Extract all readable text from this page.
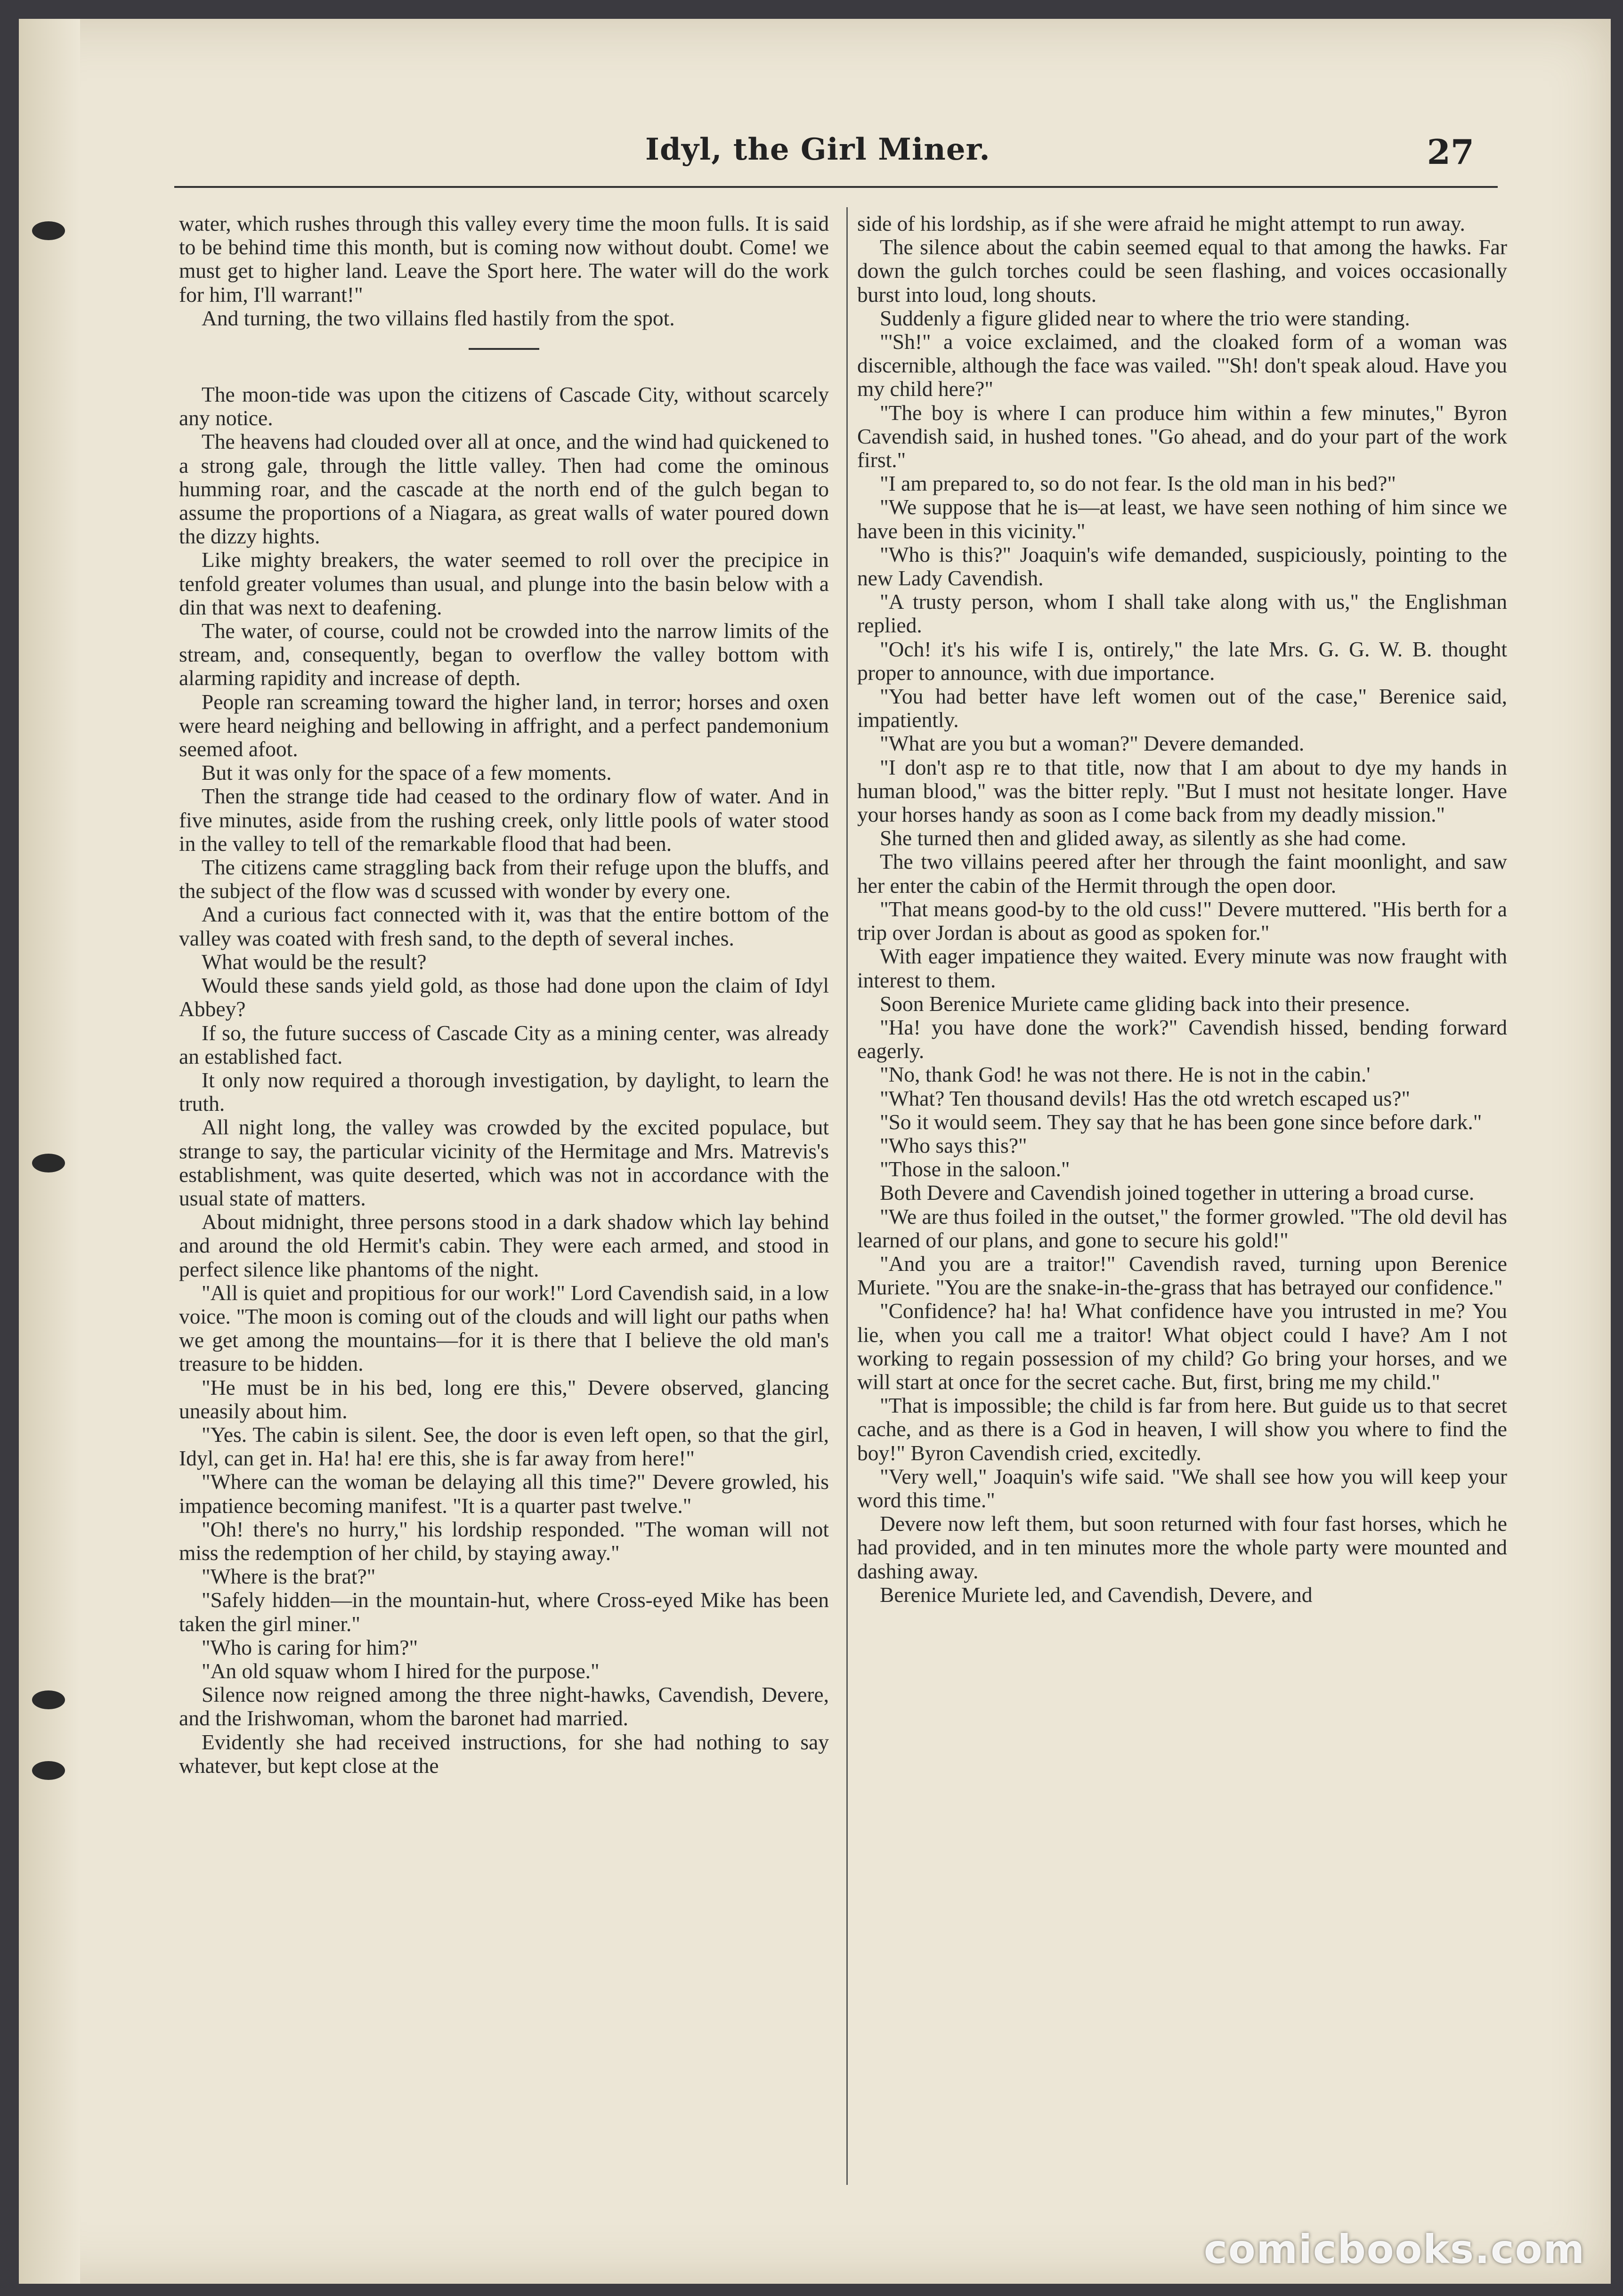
Idyl, the Girl Miner.	27

water, which rushes through this valley every time the moon fulls. It is said to be behind time this month, but is coming now without doubt. Come! we must get to higher land. Leave the Sport here. The water will do the work for him, I'll warrant!"

And turning, the two villains fled hastily from the spot.

The moon-tide was upon the citizens of Cascade City, without scarcely any notice.

The heavens had clouded over all at once, and the wind had quickened to a strong gale, through the little valley. Then had come the ominous humming roar, and the cascade at the north end of the gulch began to assume the proportions of a Niagara, as great walls of water poured down the dizzy hights.

Like mighty breakers, the water seemed to roll over the precipice in tenfold greater volumes than usual, and plunge into the basin below with a din that was next to deafening.

The water, of course, could not be crowded into the narrow limits of the stream, and, consequently, began to overflow the valley bottom with alarming rapidity and increase of depth.

People ran screaming toward the higher land, in terror; horses and oxen were heard neighing and bellowing in affright, and a perfect pandemonium seemed afoot.

But it was only for the space of a few moments.

Then the strange tide had ceased to the ordinary flow of water. And in five minutes, aside from the rushing creek, only little pools of water stood in the valley to tell of the remarkable flood that had been.

The citizens came straggling back from their refuge upon the bluffs, and the subject of the flow was d scussed with wonder by every one.

And a curious fact connected with it, was that the entire bottom of the valley was coated with fresh sand, to the depth of several inches.

What would be the result?

Would these sands yield gold, as those had done upon the claim of Idyl Abbey?

If so, the future success of Cascade City as a mining center, was already an established fact.

It only now required a thorough investigation, by daylight, to learn the truth.

All night long, the valley was crowded by the excited populace, but strange to say, the particular vicinity of the Hermitage and Mrs. Matrevis's establishment, was quite deserted, which was not in accordance with the usual state of matters.

About midnight, three persons stood in a dark shadow which lay behind and around the old Hermit's cabin. They were each armed, and stood in perfect silence like phantoms of the night.

"All is quiet and propitious for our work!" Lord Cavendish said, in a low voice. "The moon is coming out of the clouds and will light our paths when we get among the mountains—for it is there that I believe the old man's treasure to be hidden.

"He must be in his bed, long ere this," Devere observed, glancing uneasily about him.

"Yes. The cabin is silent. See, the door is even left open, so that the girl, Idyl, can get in. Ha! ha! ere this, she is far away from here!"

"Where can the woman be delaying all this time?" Devere growled, his impatience becoming manifest. "It is a quarter past twelve."

"Oh! there's no hurry," his lordship responded. "The woman will not miss the redemption of her child, by staying away."

"Where is the brat?"

"Safely hidden—in the mountain-hut, where Cross-eyed Mike has been taken the girl miner."

"Who is caring for him?"

"An old squaw whom I hired for the purpose."

Silence now reigned among the three night-hawks, Cavendish, Devere, and the Irishwoman, whom the baronet had married.

Evidently she had received instructions, for she had nothing to say whatever, but kept close at the

side of his lordship, as if she were afraid he might attempt to run away.

The silence about the cabin seemed equal to that among the hawks. Far down the gulch torches could be seen flashing, and voices occasionally burst into loud, long shouts.

Suddenly a figure glided near to where the trio were standing.

"'Sh!" a voice exclaimed, and the cloaked form of a woman was discernible, although the face was vailed. "'Sh! don't speak aloud. Have you my child here?"

"The boy is where I can produce him within a few minutes," Byron Cavendish said, in hushed tones. "Go ahead, and do your part of the work first."

"I am prepared to, so do not fear. Is the old man in his bed?"

"We suppose that he is—at least, we have seen nothing of him since we have been in this vicinity."

"Who is this?" Joaquin's wife demanded, suspiciously, pointing to the new Lady Cavendish.

"A trusty person, whom I shall take along with us," the Englishman replied.

"Och! it's his wife I is, ontirely," the late Mrs. G. G. W. B. thought proper to announce, with due importance.

"You had better have left women out of the case," Berenice said, impatiently.

"What are you but a woman?" Devere demanded.

"I don't asp re to that title, now that I am about to dye my hands in human blood," was the bitter reply. "But I must not hesitate longer. Have your horses handy as soon as I come back from my deadly mission."

She turned then and glided away, as silently as she had come.

The two villains peered after her through the faint moonlight, and saw her enter the cabin of the Hermit through the open door.

"That means good-by to the old cuss!" Devere muttered. "His berth for a trip over Jordan is about as good as spoken for."

With eager impatience they waited. Every minute was now fraught with interest to them.

Soon Berenice Muriete came gliding back into their presence.

"Ha! you have done the work?" Cavendish hissed, bending forward eagerly.

"No, thank God! he was not there. He is not in the cabin.'

"What? Ten thousand devils! Has the otd wretch escaped us?"

"So it would seem. They say that he has been gone since before dark."

"Who says this?"

"Those in the saloon."

Both Devere and Cavendish joined together in uttering a broad curse.

"We are thus foiled in the outset," the former growled. "The old devil has learned of our plans, and gone to secure his gold!"

"And you are a traitor!" Cavendish raved, turning upon Berenice Muriete. "You are the snake-in-the-grass that has betrayed our confidence."

"Confidence? ha! ha! What confidence have you intrusted in me? You lie, when you call me a traitor! What object could I have? Am I not working to regain possession of my child? Go bring your horses, and we will start at once for the secret cache. But, first, bring me my child."

"That is impossible; the child is far from here. But guide us to that secret cache, and as there is a God in heaven, I will show you where to find the boy!" Byron Cavendish cried, excitedly.

"Very well," Joaquin's wife said. "We shall see how you will keep your word this time."

Devere now left them, but soon returned with four fast horses, which he had provided, and in ten minutes more the whole party were mounted and dashing away.

Berenice Muriete led, and Cavendish, Devere, and

comicbooks.com
